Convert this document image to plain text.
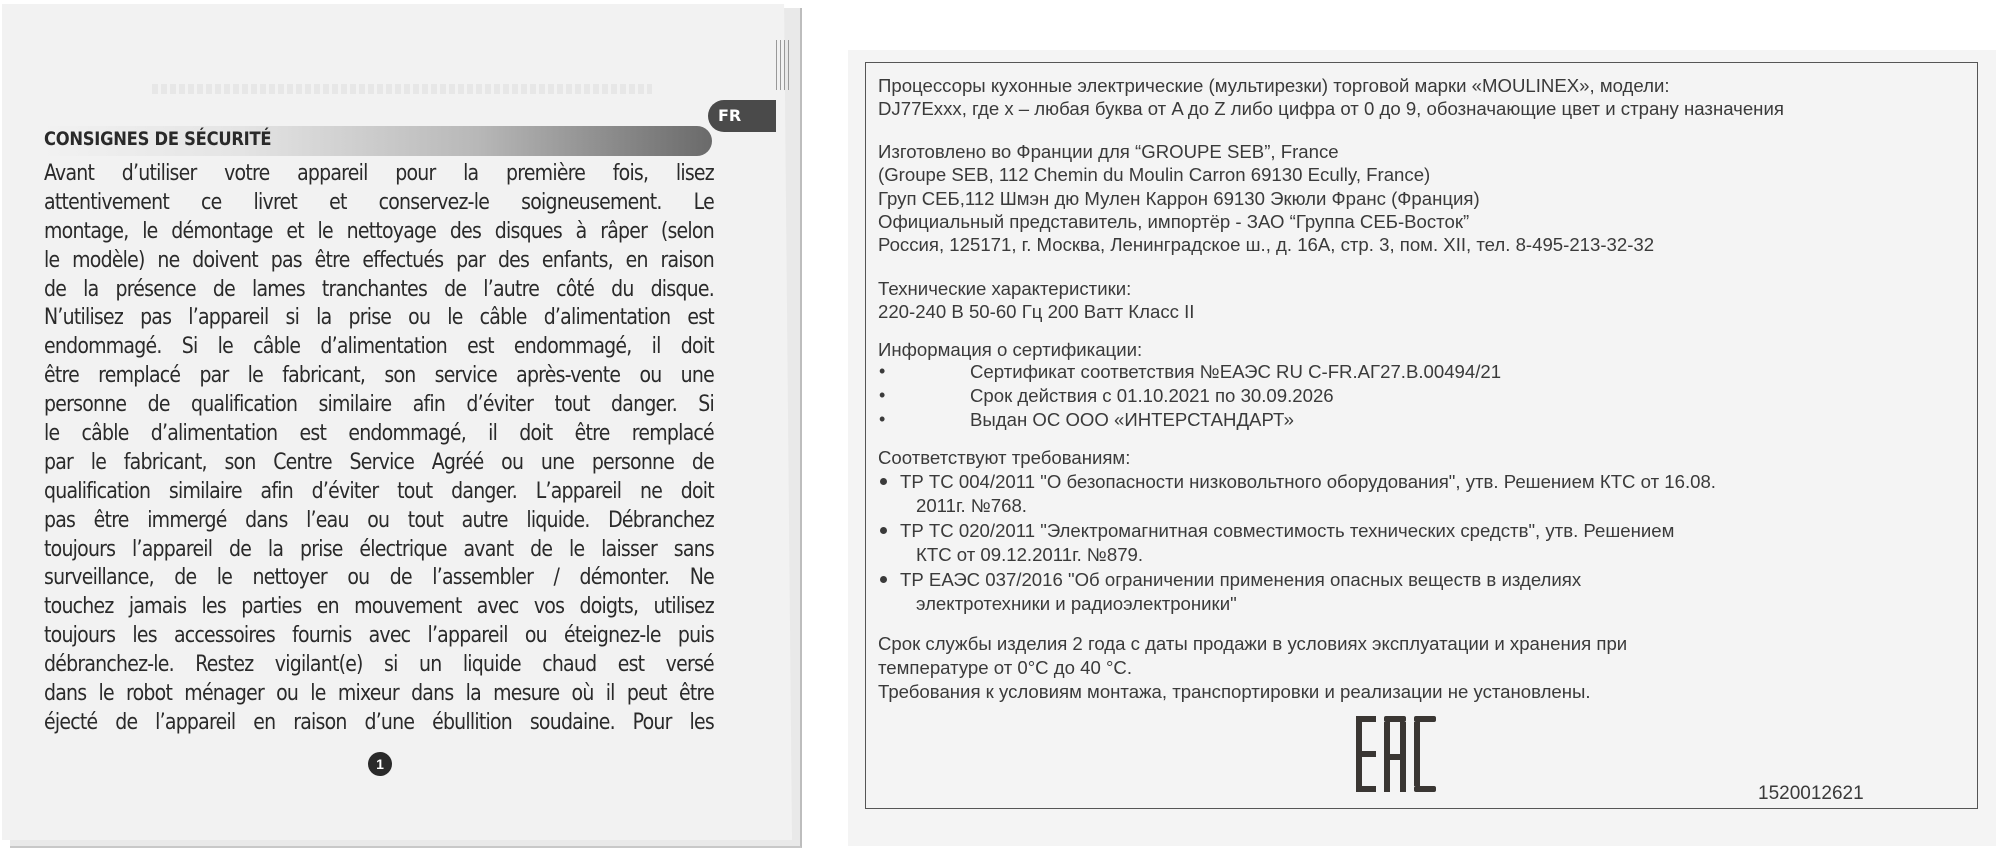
FR
CONSIGNES DE SÉCURITÉ
Avant d’utiliser votre appareil pour la première fois, lisez
attentivement ce livret et conservez-le soigneusement. Le
montage, le démontage et le nettoyage des disques à râper (selon
le modèle) ne doivent pas être effectués par des enfants, en raison
de la présence de lames tranchantes de l’autre côté du disque.
N’utilisez pas l’appareil si la prise ou le câble d’alimentation est
endommagé. Si le câble d’alimentation est endommagé, il doit
être remplacé par le fabricant, son service après-vente ou une
personne de qualification similaire afin d’éviter tout danger. Si
le câble d’alimentation est endommagé, il doit être remplacé
par le fabricant, son Centre Service Agréé ou une personne de
qualification similaire afin d’éviter tout danger. L’appareil ne doit
pas être immergé dans l’eau ou tout autre liquide. Débranchez
toujours l’appareil de la prise électrique avant de le laisser sans
surveillance, de le nettoyer ou de l’assembler / démonter. Ne
touchez jamais les parties en mouvement avec vos doigts, utilisez
toujours les accessoires fournis avec l’appareil ou éteignez-le puis
débranchez-le. Restez vigilant(e) si un liquide chaud est versé
dans le robot ménager ou le mixeur dans la mesure où il peut être
éjecté de l’appareil en raison d’une ébullition soudaine. Pour les
1
Процессоры кухонные электрические (мультирезки) торговой марки «MOULINEX», модели:
DJ77Exxx, где x – любая буква от A до Z либо цифра от 0 до 9, обозначающие цвет и страну назначения
Изготовлено во Франции для “GROUPE SEB”, France
(Groupe SEB, 112 Chemin du Moulin Carron 69130 Ecully, France)
Груп СЕБ,112 Шмэн дю Мулен Каррон 69130 Экюли Франс (Франция)
Официальный представитель, импортёр - ЗАО “Группа СЕБ-Восток”
Россия, 125171, г. Москва, Ленинградское ш., д. 16А, стр. 3, пом. XII, тел. 8-495-213-32-32
Технические характеристики:
220-240 В 50-60 Гц 200 Ватт Класс II
Информация о сертификации:
•	Сертификат соответствия №ЕАЭС RU C-FR.АГ27.В.00494/21
•	Срок действия с 01.10.2021 по 30.09.2026
•	Выдан ОС ООО «ИНТЕРСТАНДАРТ»
Соответствуют требованиям:
ТР ТС 004/2011 "О безопасности низковольтного оборудования", утв. Решением КТС от 16.08.
2011г. №768.
ТР ТС 020/2011 "Электромагнитная совместимость технических средств", утв. Решением
КТС от 09.12.2011г. №879.
ТР ЕАЭС 037/2016 "Об ограничении применения опасных веществ в изделиях
электротехники и радиоэлектроники"
Срок службы изделия 2 года с даты продажи в условиях эксплуатации и хранения при
температуре от 0°С до 40 °С.
Требования к условиям монтажа, транспортировки и реализации не установлены.
1520012621
